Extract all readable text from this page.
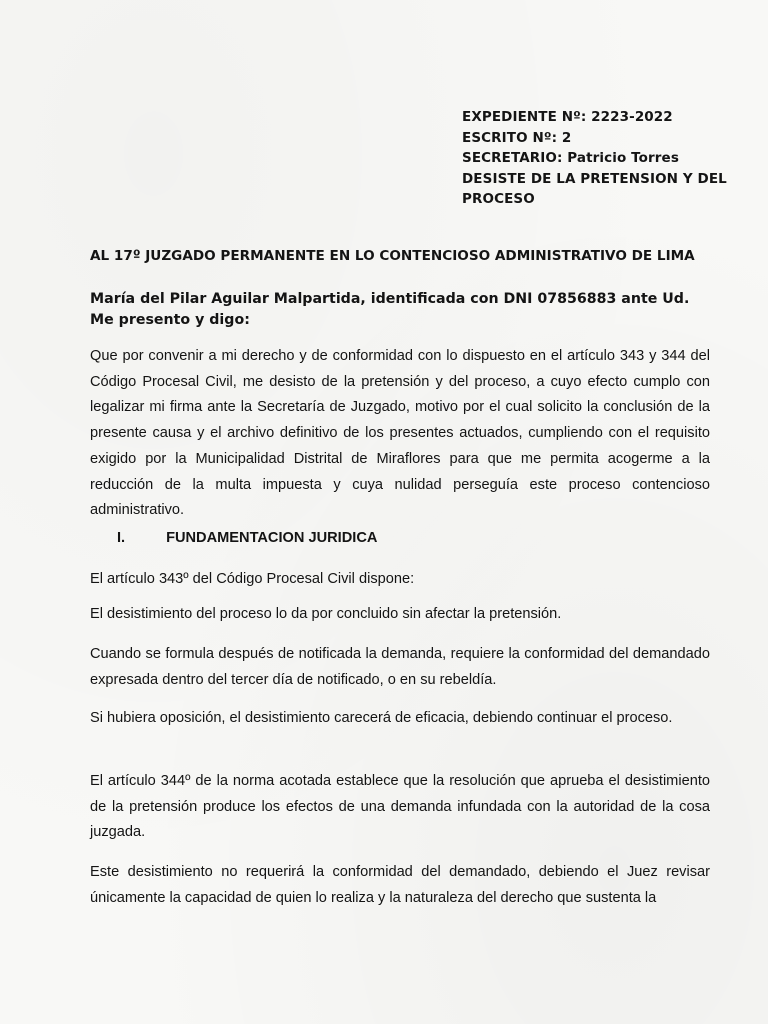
EXPEDIENTE Nº: 2223-2022
ESCRITO Nº: 2
SECRETARIO: Patricio Torres
DESISTE DE LA PRETENSION Y DEL
PROCESO
AL 17º JUZGADO PERMANENTE EN LO CONTENCIOSO ADMINISTRATIVO DE LIMA
María del Pilar Aguilar Malpartida, identificada con DNI 07856883 ante Ud. Me presento y digo:
Que por convenir a mi derecho y de conformidad con lo dispuesto en el artículo 343 y 344 del Código Procesal Civil, me desisto de la pretensión y del proceso, a cuyo efecto cumplo con legalizar mi firma ante la Secretaría de Juzgado, motivo por el cual solicito la conclusión de la presente causa y el archivo definitivo de los presentes actuados, cumpliendo con el requisito exigido por la Municipalidad Distrital de Miraflores para que me permita acogerme a la reducción de la multa impuesta y cuya nulidad perseguía este proceso contencioso administrativo.
I.	FUNDAMENTACION JURIDICA
El artículo 343º del Código Procesal Civil dispone:
El desistimiento del proceso lo da por concluido sin afectar la pretensión.
Cuando se formula después de notificada la demanda, requiere la conformidad del demandado expresada dentro del tercer día de notificado, o en su rebeldía.
Si hubiera oposición, el desistimiento carecerá de eficacia, debiendo continuar el proceso.
El artículo 344º de la norma acotada establece que la resolución que aprueba el desistimiento de la pretensión produce los efectos de una demanda infundada con la autoridad de la cosa juzgada.
Este desistimiento no requerirá la conformidad del demandado, debiendo el Juez revisar únicamente la capacidad de quien lo realiza y la naturaleza del derecho que sustenta la
